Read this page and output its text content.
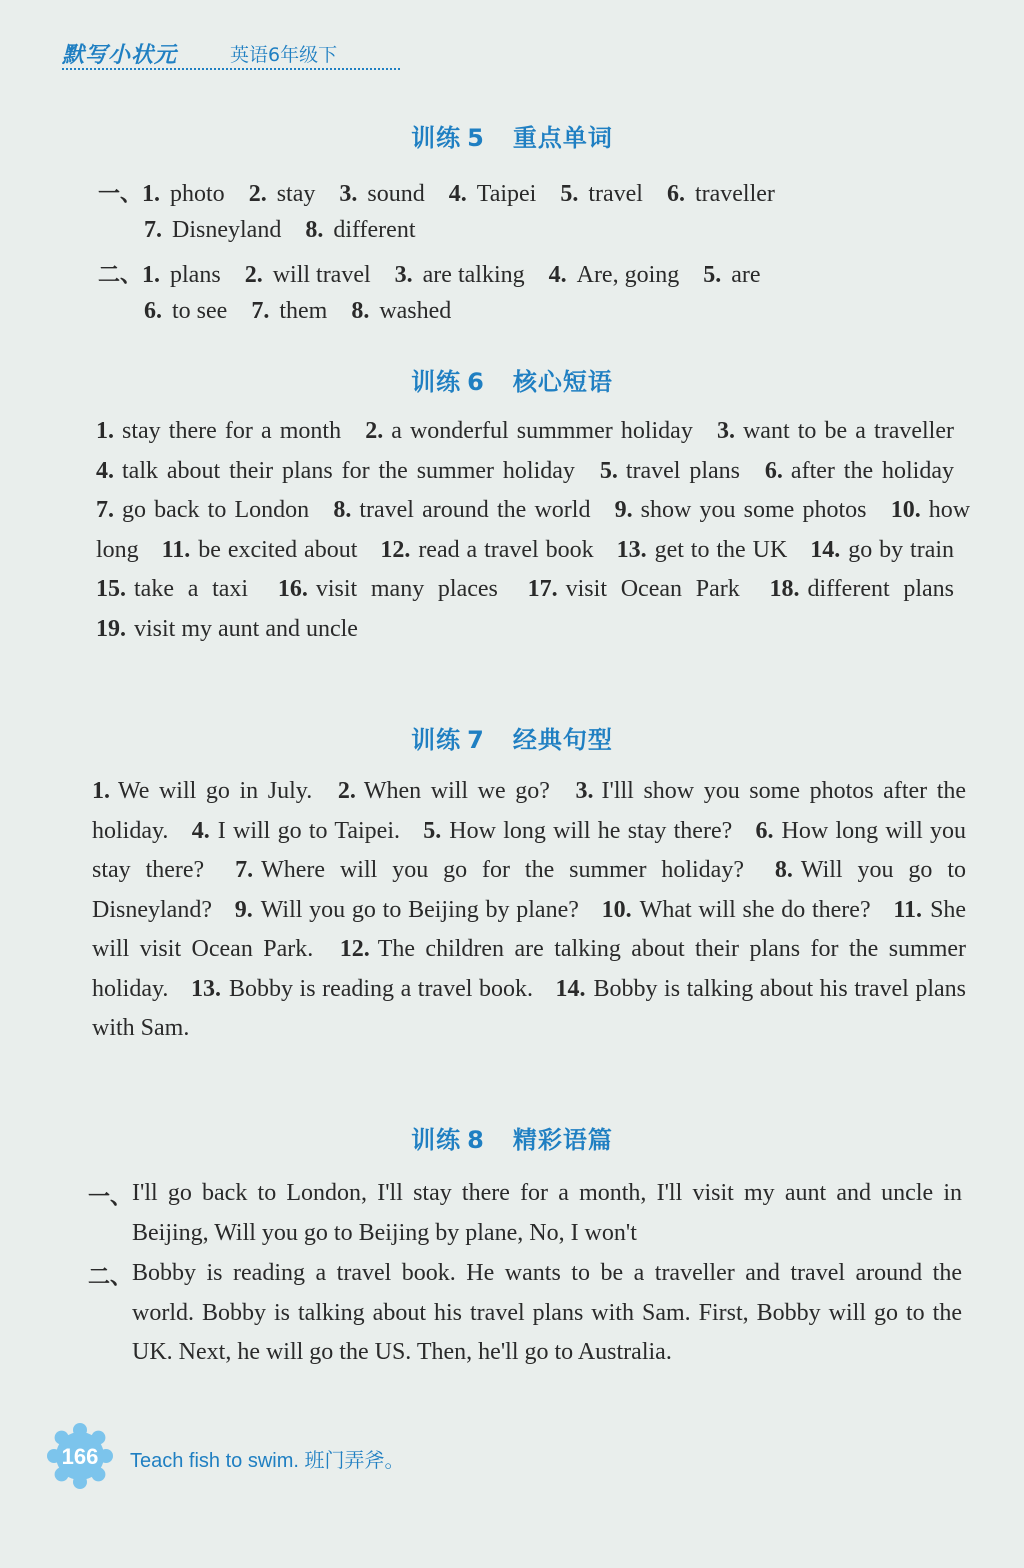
默写小状元	英语6年级下
训练 5 重点单词
一、1. photo 2. stay 3. sound 4. Taipei 5. travel 6. traveller
7. Disneyland 8. different
二、1. plans 2. will travel 3. are talking 4. Are, going 5. are
6. to see 7. them 8. washed
训练 6 核心短语
1. stay there for a month 2. a wonderful summmer holiday 3. want to be a traveller 4. talk about their plans for the summer holiday 5. travel plans 6. after the holiday 7. go back to London 8. travel around the world 9. show you some photos 10. how long 11. be excited about 12. read a travel book 13. get to the UK 14. go by train 15. take a taxi 16. visit many places 17. visit Ocean Park 18. different plans 19. visit my aunt and uncle
训练 7 经典句型
1. We will go in July. 2. When will we go? 3. I'lll show you some photos after the holiday. 4. I will go to Taipei. 5. How long will he stay there? 6. How long will you stay there? 7. Where will you go for the summer holiday? 8. Will you go to Disneyland? 9. Will you go to Beijing by plane? 10. What will she do there? 11. She will visit Ocean Park. 12. The children are talking about their plans for the summer holiday. 13. Bobby is reading a travel book. 14. Bobby is talking about his travel plans with Sam.
训练 8 精彩语篇
一、 I'll go back to London, I'll stay there for a month, I'll visit my aunt and uncle in Beijing, Will you go to Beijing by plane, No, I won't
二、 Bobby is reading a travel book. He wants to be a traveller and travel around the world. Bobby is talking about his travel plans with Sam. First, Bobby will go to the UK. Next, he will go the US. Then, he'll go to Australia.
166 Teach fish to swim. 班门弄斧。
